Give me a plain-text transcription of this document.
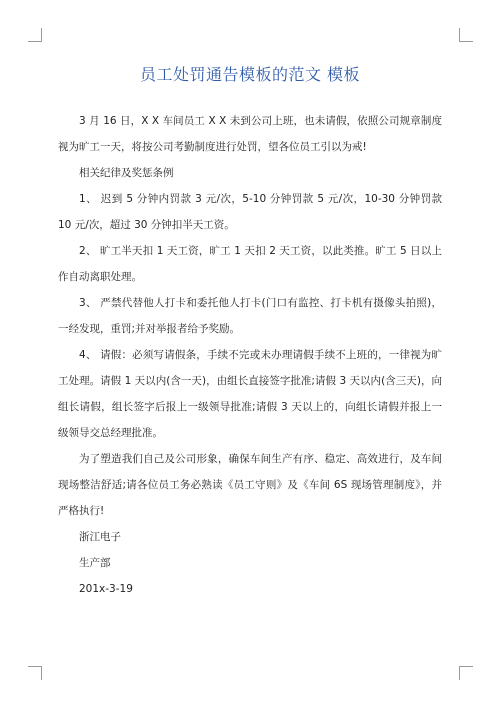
员工处罚通告模板的范文 模板

3 月 16 日，X X 车间员工 X X 未到公司上班，也未请假，依照公司规章制度视为旷工一天，将按公司考勤制度进行处罚，望各位员工引以为戒!

相关纪律及奖惩条例

1、 迟到 5 分钟内罚款 3 元/次，5-10 分钟罚款 5 元/次，10-30 分钟罚款 10 元/次，超过 30 分钟扣半天工资。

2、 旷工半天扣 1 天工资，旷工 1 天扣 2 天工资，以此类推。旷工 5 日以上作自动离职处理。

3、 严禁代替他人打卡和委托他人打卡(门口有监控、打卡机有摄像头拍照)，一经发现，重罚;并对举报者给予奖励。

4、 请假：必须写请假条，手续不完或未办理请假手续不上班的，一律视为旷工处理。请假 1 天以内(含一天)，由组长直接签字批准;请假 3 天以内(含三天)，向组长请假，组长签字后报上一级领导批准;请假 3 天以上的，向组长请假并报上一级领导交总经理批准。

为了塑造我们自己及公司形象，确保车间生产有序、稳定、高效进行，及车间现场整洁舒适;请各位员工务必熟读《员工守则》及《车间 6S 现场管理制度》，并严格执行!

浙江电子

生产部

201x-3-19
